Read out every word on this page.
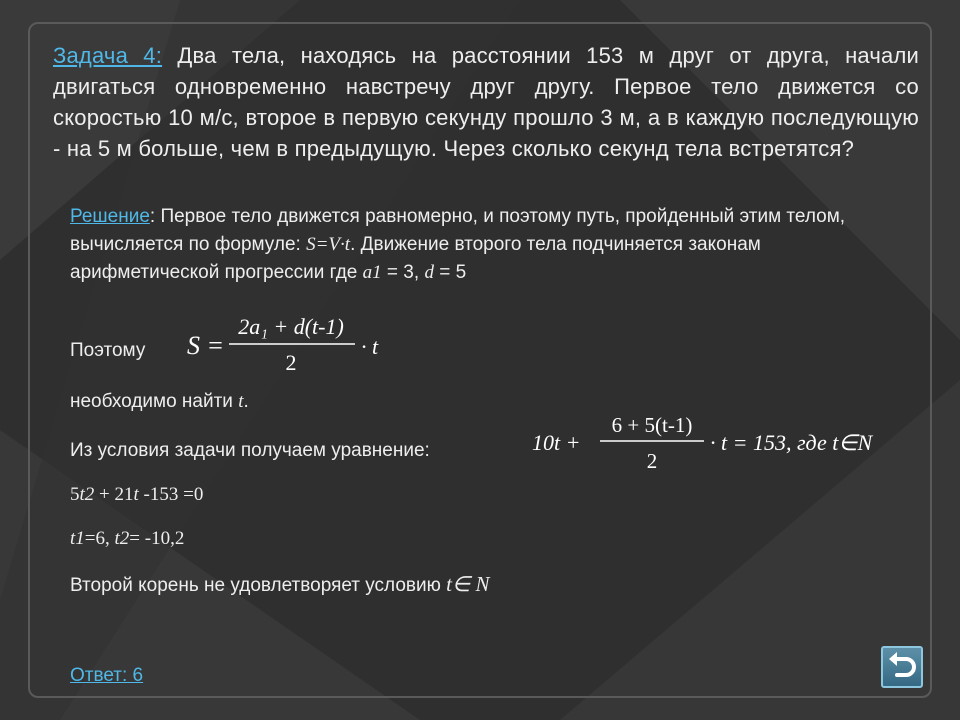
Задача 4: Два тела, находясь на расстоянии 153 м друг от друга, начали двигаться одновременно навстречу друг другу. Первое тело движется со скоростью 10 м/с, второе в первую секунду прошло 3 м, а в каждую последующую - на 5 м больше, чем в предыдущую. Через сколько секунд тела встретятся?

Решение: Первое тело движется равномерно, и поэтому путь, пройденный этим телом, вычисляется по формуле: S=V·t. Движение второго тела подчиняется законам арифметической прогрессии где a1 = 3, d = 5

Поэтому S =
2a₁ + d(t-1)
2
· t

необходимо найти t.

Из условия задачи получаем уравнение:	10t +
6 + 5(t-1)
2
· t = 153, где t∈N

5t2 + 21t -153 =0

t1=6, t2= -10,2

Второй корень не удовлетворяет условию t∈ N

Ответ: 6
